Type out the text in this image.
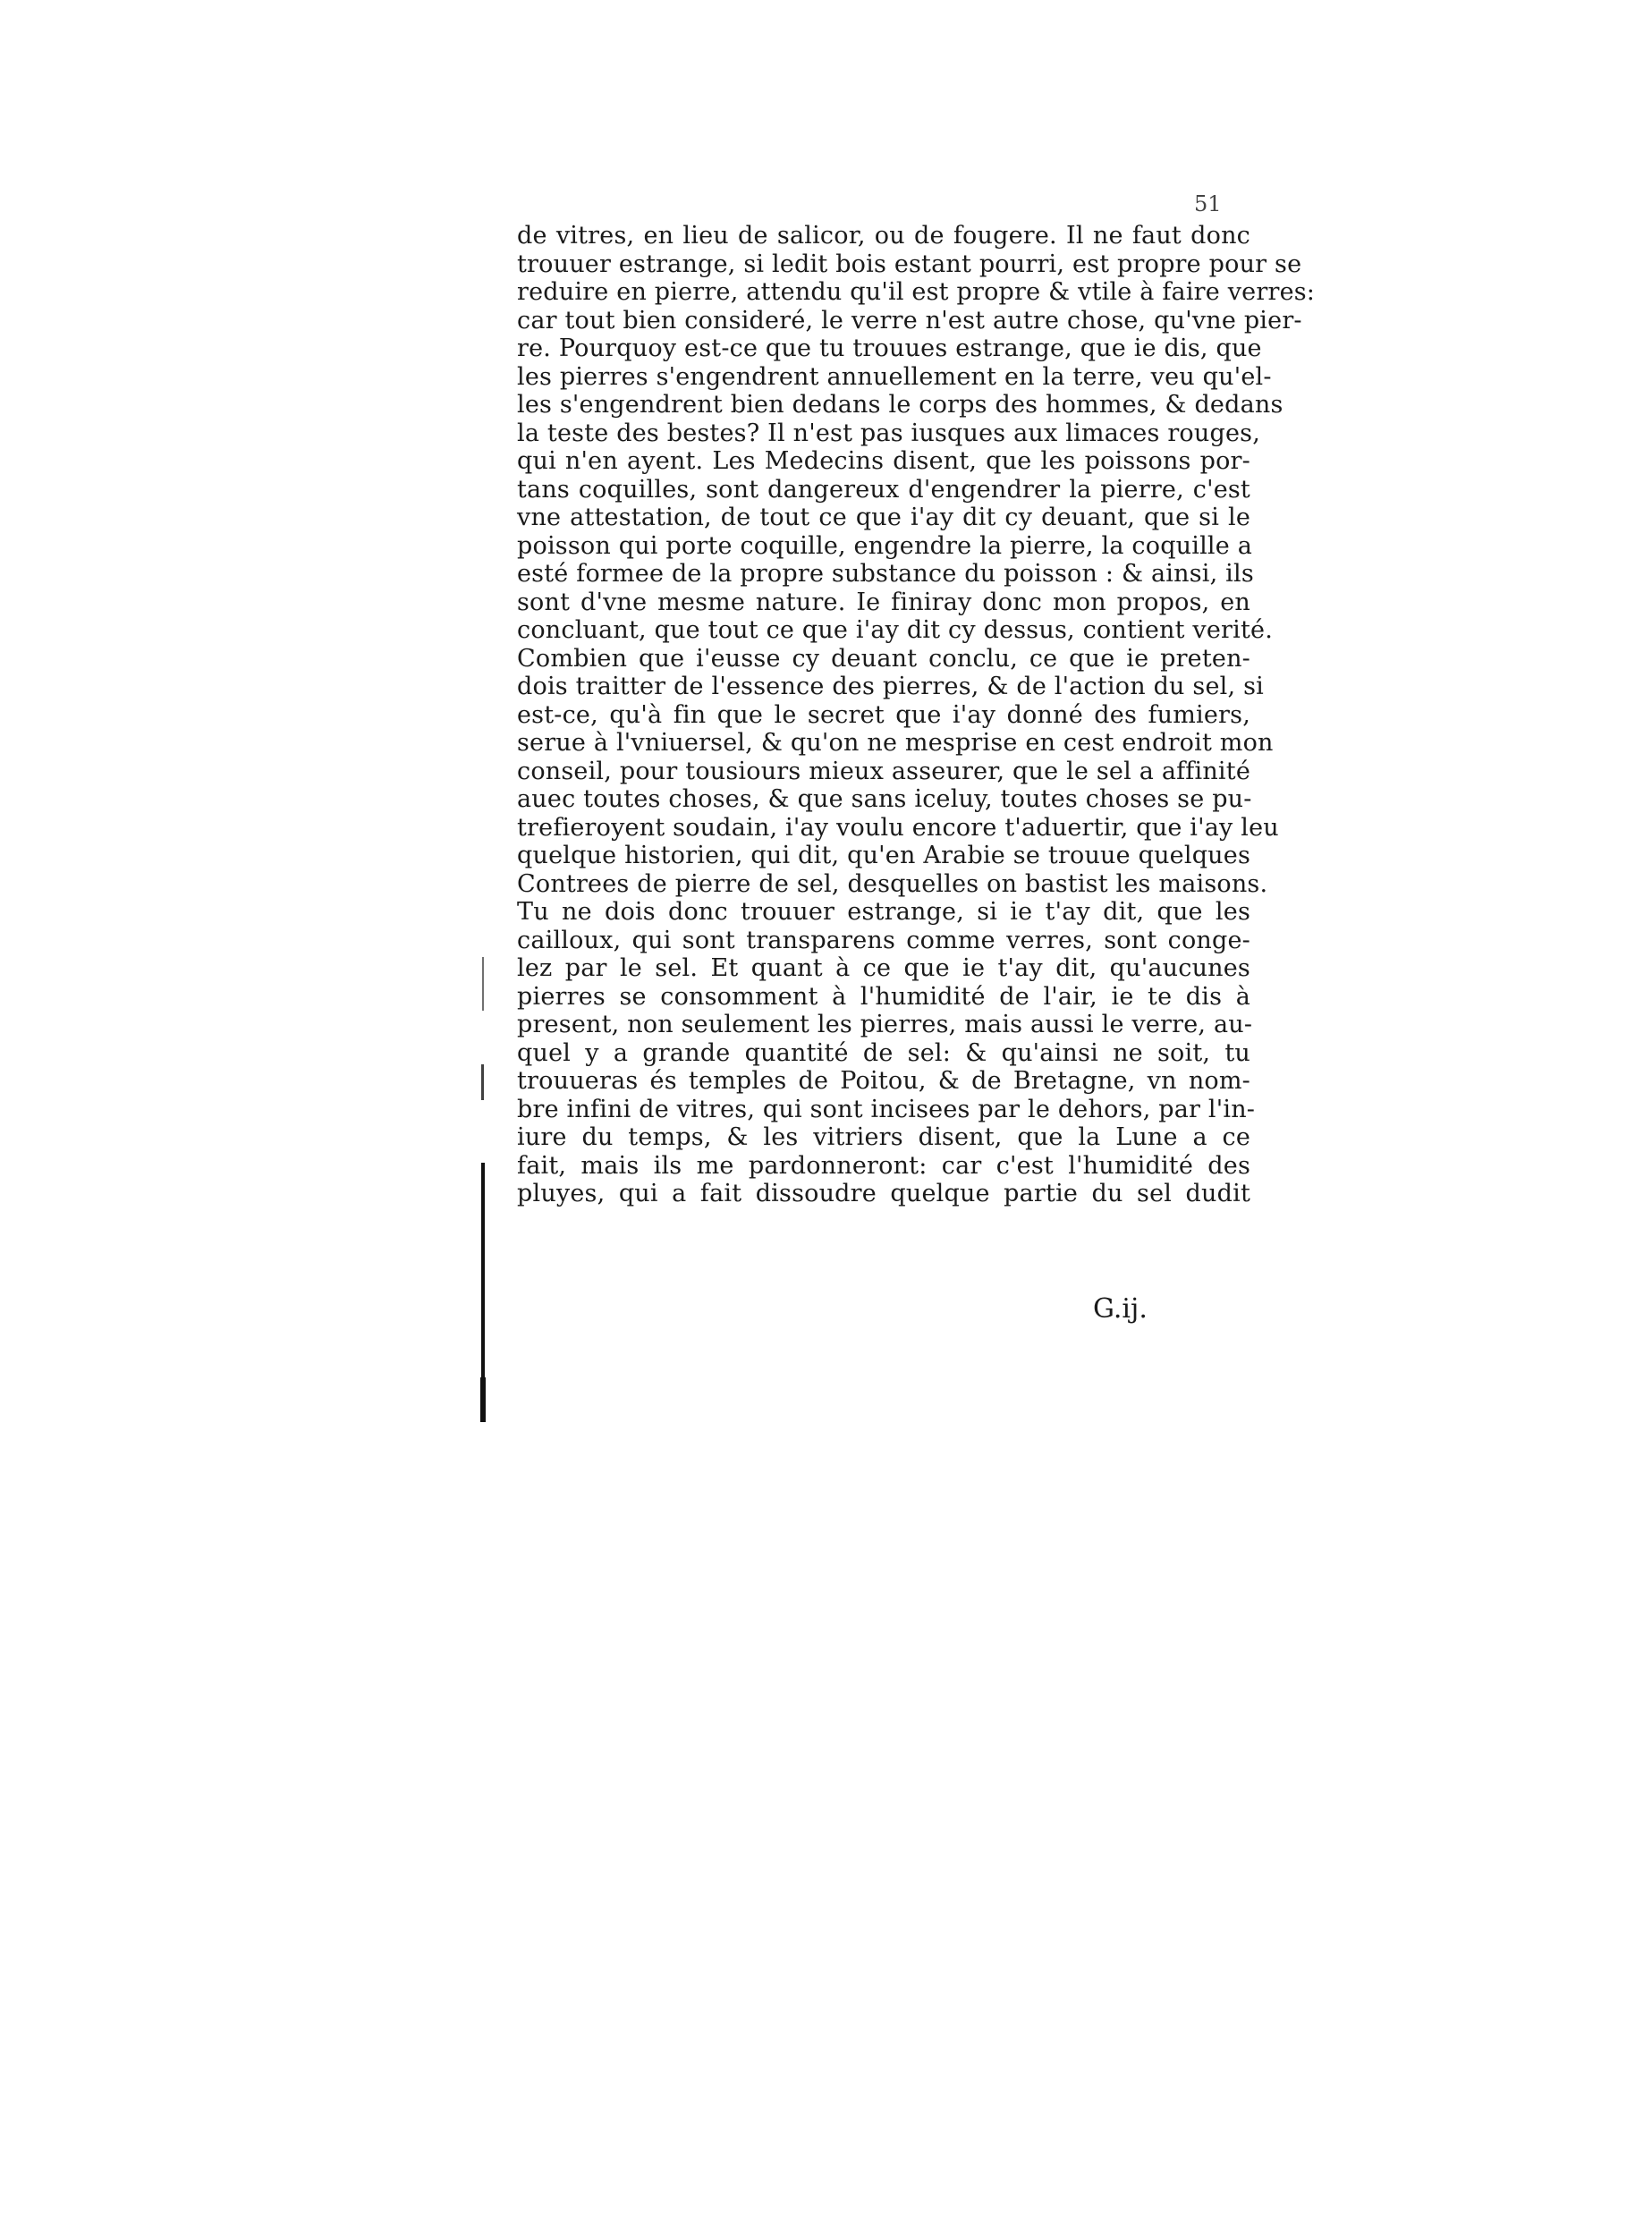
51
de vitres, en lieu de salicor, ou de fougere. Il ne faut donc
trouuer estrange, si ledit bois estant pourri, est propre pour se
reduire en pierre, attendu qu'il est propre & vtile à faire verres:
car tout bien consideré, le verre n'est autre chose, qu'vne pier-
re. Pourquoy est-ce que tu trouues estrange, que ie dis, que
les pierres s'engendrent annuellement en la terre, veu qu'el-
les s'engendrent bien dedans le corps des hommes, & dedans
la teste des bestes? Il n'est pas iusques aux limaces rouges,
qui n'en ayent. Les Medecins disent, que les poissons por-
tans coquilles, sont dangereux d'engendrer la pierre, c'est
vne attestation, de tout ce que i'ay dit cy deuant, que si le
poisson qui porte coquille, engendre la pierre, la coquille a
esté formee de la propre substance du poisson : & ainsi, ils
sont d'vne mesme nature. Ie finiray donc mon propos, en
concluant, que tout ce que i'ay dit cy dessus, contient verité.
Combien que i'eusse cy deuant conclu, ce que ie preten-
dois traitter de l'essence des pierres, & de l'action du sel, si
est-ce, qu'à fin que le secret que i'ay donné des fumiers,
serue à l'vniuersel, & qu'on ne mesprise en cest endroit mon
conseil, pour tousiours mieux asseurer, que le sel a affinité
auec toutes choses, & que sans iceluy, toutes choses se pu-
trefieroyent soudain, i'ay voulu encore t'aduertir, que i'ay leu
quelque historien, qui dit, qu'en Arabie se trouue quelques
Contrees de pierre de sel, desquelles on bastist les maisons.
Tu ne dois donc trouuer estrange, si ie t'ay dit, que les
cailloux, qui sont transparens comme verres, sont conge-
lez par le sel. Et quant à ce que ie t'ay dit, qu'aucunes
pierres se consomment à l'humidité de l'air, ie te dis à
present, non seulement les pierres, mais aussi le verre, au-
quel y a grande quantité de sel: & qu'ainsi ne soit, tu
trouueras és temples de Poitou, & de Bretagne, vn nom-
bre infini de vitres, qui sont incisees par le dehors, par l'in-
iure du temps, & les vitriers disent, que la Lune a ce
fait, mais ils me pardonneront: car c'est l'humidité des
pluyes, qui a fait dissoudre quelque partie du sel dudit
G.ij.
